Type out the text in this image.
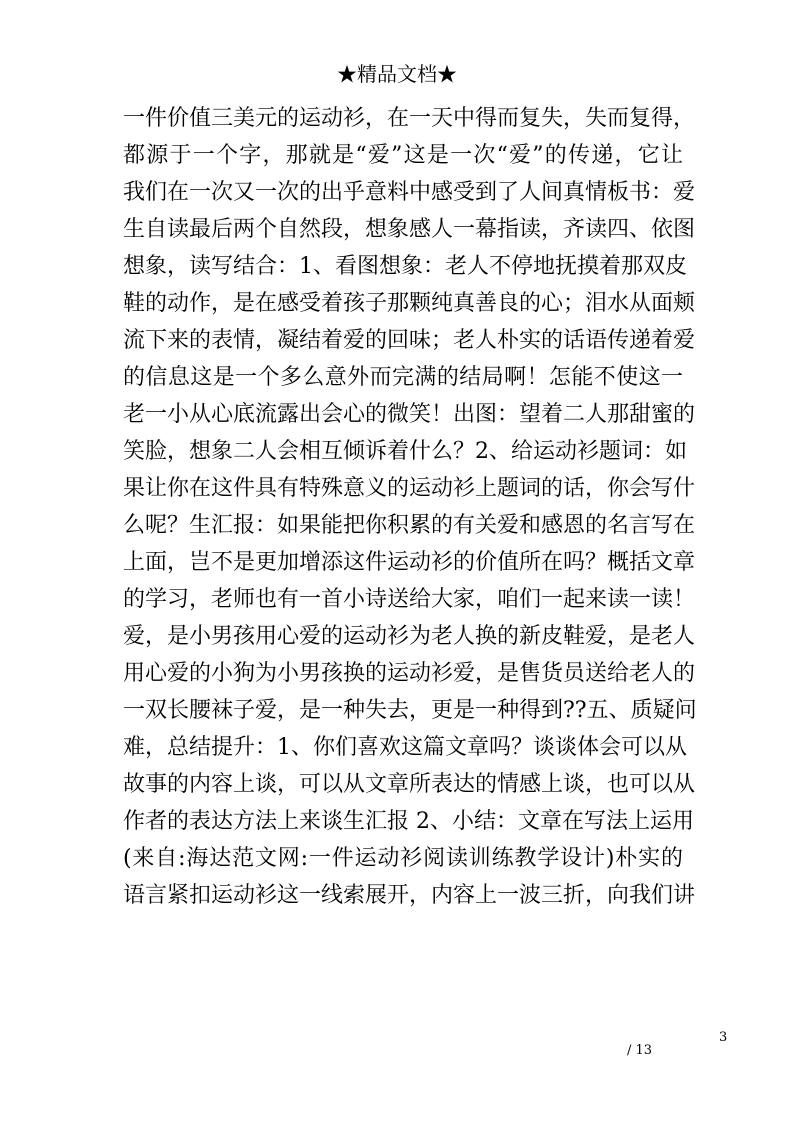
★精品文档★
一件价值三美元的运动衫，在一天中得而复失，失而复得，
都源于一个字，那就是“爱”这是一次“爱”的传递，它让
我们在一次又一次的出乎意料中感受到了人间真情板书：爱
生自读最后两个自然段，想象感人一幕指读，齐读四、依图
想象，读写结合：1、看图想象：老人不停地抚摸着那双皮
鞋的动作，是在感受着孩子那颗纯真善良的心；泪水从面颊
流下来的表情，凝结着爱的回味；老人朴实的话语传递着爱
的信息这是一个多么意外而完满的结局啊！怎能不使这一
老一小从心底流露出会心的微笑！出图：望着二人那甜蜜的
笑脸，想象二人会相互倾诉着什么？2、给运动衫题词：如
果让你在这件具有特殊意义的运动衫上题词的话，你会写什
么呢？生汇报：如果能把你积累的有关爱和感恩的名言写在
上面，岂不是更加增添这件运动衫的价值所在吗？概括文章
的学习，老师也有一首小诗送给大家，咱们一起来读一读！
爱，是小男孩用心爱的运动衫为老人换的新皮鞋爱，是老人
用心爱的小狗为小男孩换的运动衫爱，是售货员送给老人的
一双长腰袜子爱，是一种失去，更是一种得到??五、质疑问
难，总结提升：1、你们喜欢这篇文章吗？谈谈体会可以从
故事的内容上谈，可以从文章所表达的情感上谈，也可以从
作者的表达方法上来谈生汇报 2、小结：文章在写法上运用
(来自:海达范文网:一件运动衫阅读训练教学设计)朴实的
语言紧扣运动衫这一线索展开，内容上一波三折，向我们讲
3
/ 13
